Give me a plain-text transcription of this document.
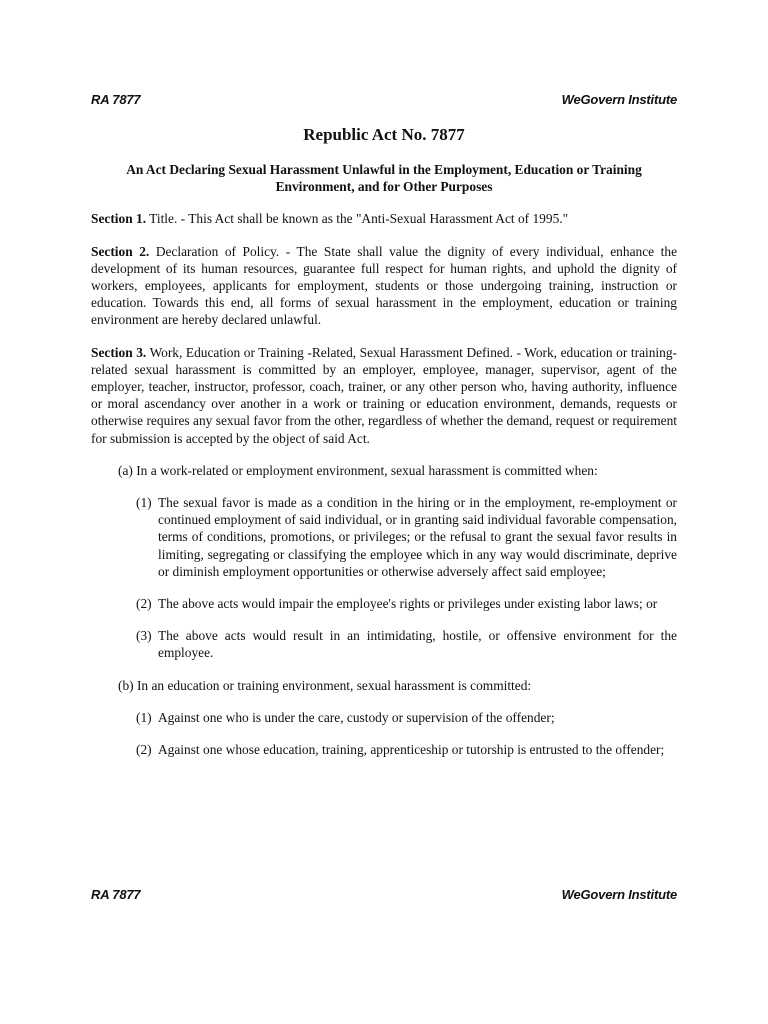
RA 7877	WeGovern Institute
Republic Act No. 7877
An Act Declaring Sexual Harassment Unlawful in the Employment, Education or Training Environment, and for Other Purposes

Section 1. Title. - This Act shall be known as the "Anti-Sexual Harassment Act of 1995."

Section 2. Declaration of Policy. - The State shall value the dignity of every individual, enhance the development of its human resources, guarantee full respect for human rights, and uphold the dignity of workers, employees, applicants for employment, students or those undergoing training, instruction or education. Towards this end, all forms of sexual harassment in the employment, education or training environment are hereby declared unlawful.

Section 3. Work, Education or Training -Related, Sexual Harassment Defined. - Work, education or training-related sexual harassment is committed by an employer, employee, manager, supervisor, agent of the employer, teacher, instructor, professor, coach, trainer, or any other person who, having authority, influence or moral ascendancy over another in a work or training or education environment, demands, requests or otherwise requires any sexual favor from the other, regardless of whether the demand, request or requirement for submission is accepted by the object of said Act.

(a) In a work-related or employment environment, sexual harassment is committed when:
(1) The sexual favor is made as a condition in the hiring or in the employment, re-employment or continued employment of said individual, or in granting said individual favorable compensation, terms of conditions, promotions, or privileges; or the refusal to grant the sexual favor results in limiting, segregating or classifying the employee which in any way would discriminate, deprive or diminish employment opportunities or otherwise adversely affect said employee;
(2) The above acts would impair the employee's rights or privileges under existing labor laws; or
(3) The above acts would result in an intimidating, hostile, or offensive environment for the employee.
(b) In an education or training environment, sexual harassment is committed:
(1) Against one who is under the care, custody or supervision of the offender;
(2) Against one whose education, training, apprenticeship or tutorship is entrusted to the offender;
RA 7877	WeGovern Institute
